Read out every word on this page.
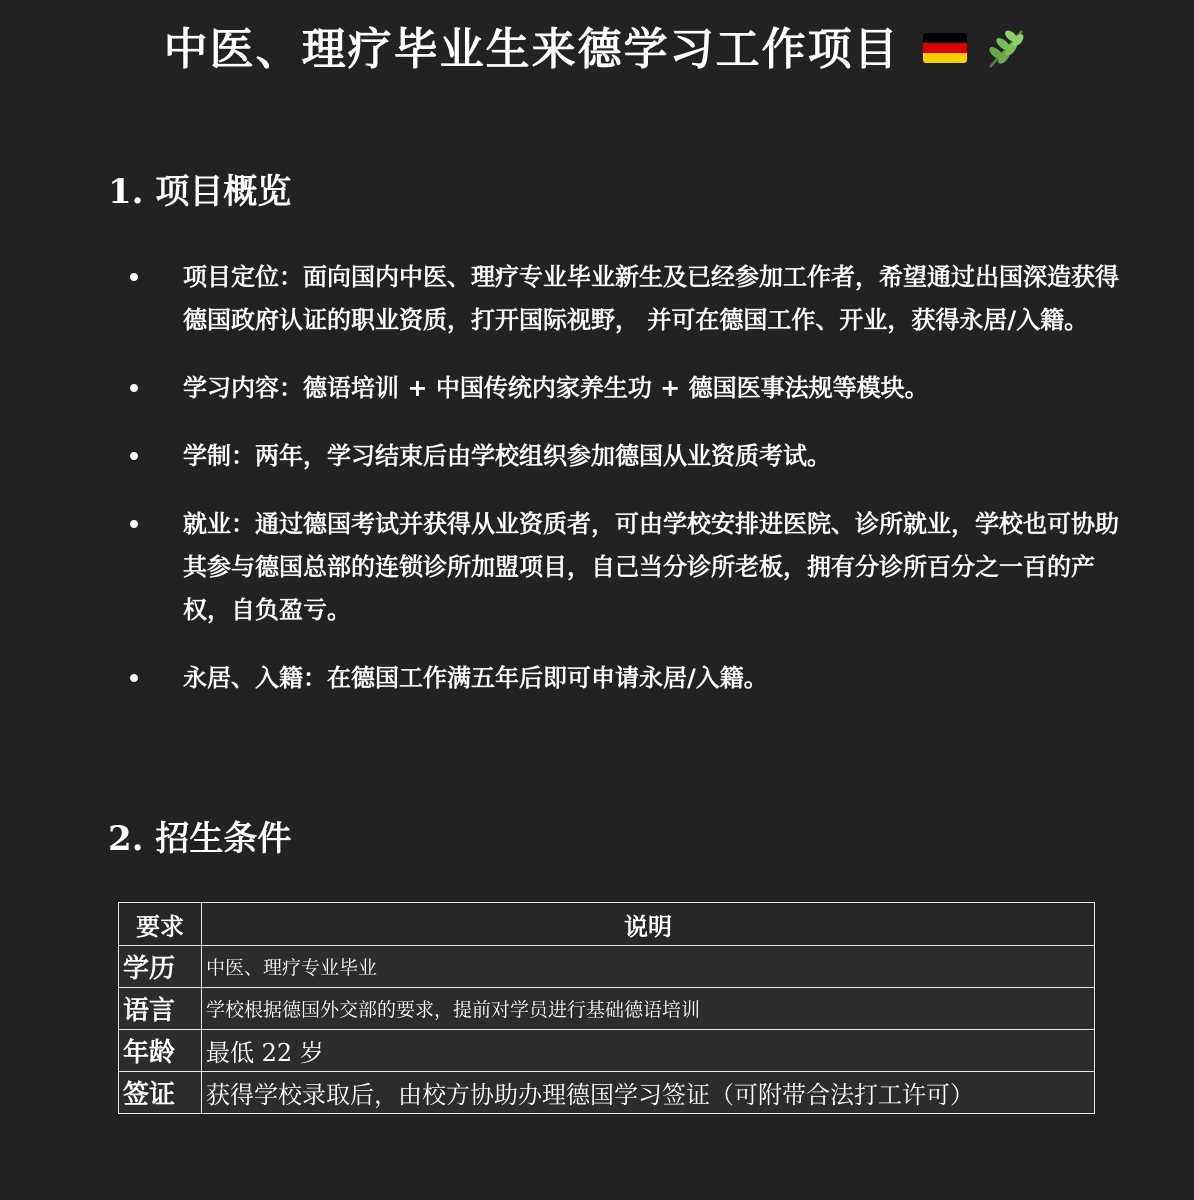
中医、理疗毕业生来德学习工作项目

1. 项目概览
项目定位：面向国内中医、理疗专业毕业新生及已经参加工作者，希望通过出国深造获得德国政府认证的职业资质，打开国际视野， 并可在德国工作、开业，获得永居/入籍。
学习内容：德语培训 + 中国传统内家养生功 + 德国医事法规等模块。
学制：两年，学习结束后由学校组织参加德国从业资质考试。
就业：通过德国考试并获得从业资质者，可由学校安排进医院、诊所就业，学校也可协助其参与德国总部的连锁诊所加盟项目，自己当分诊所老板，拥有分诊所百分之一百的产权，自负盈亏。
永居、入籍：在德国工作满五年后即可申请永居/入籍。
2. 招生条件
要求	说明
学历	中医、理疗专业毕业
语言	学校根据德国外交部的要求，提前对学员进行基础德语培训
年龄	最低 22 岁
签证	获得学校录取后，由校方协助办理德国学习签证（可附带合法打工许可）
